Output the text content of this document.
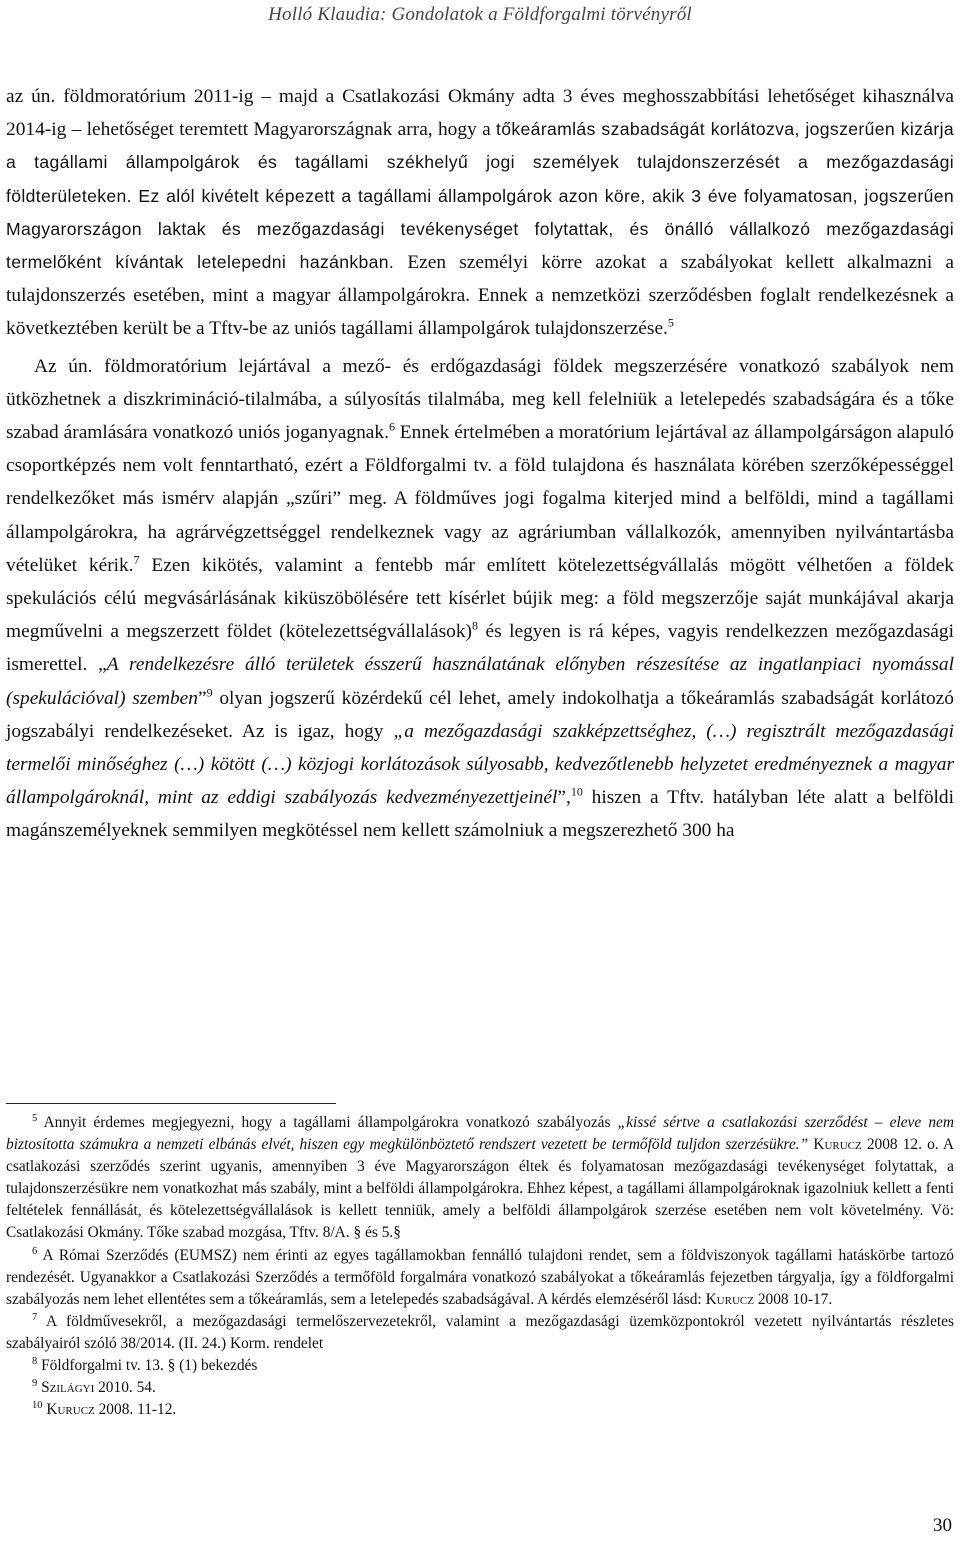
Holló Klaudia: Gondolatok a Földforgalmi törvényről

az ún. földmoratórium 2011-ig – majd a Csatlakozási Okmány adta 3 éves meghosszabbítási lehetőséget kihasználva 2014-ig – lehetőséget teremtett Magyarországnak arra, hogy a tőkeáramlás szabadságát korlátozva, jogszerűen kizárja a tagállami állampolgárok és tagállami székhelyű jogi személyek tulajdonszerzését a mezőgazdasági földterületeken. Ez alól kivételt képezett a tagállami állampolgárok azon köre, akik 3 éve folyamatosan, jogszerűen Magyarországon laktak és mezőgazdasági tevékenységet folytattak, és önálló vállalkozó mezőgazdasági termelőként kívántak letelepedni hazánkban. Ezen személyi körre azokat a szabályokat kellett alkalmazni a tulajdonszerzés esetében, mint a magyar állampolgárokra. Ennek a nemzetközi szerződésben foglalt rendelkezésnek a következtében került be a Tftv-be az uniós tagállami állampolgárok tulajdonszerzése.$^5$

Az ún. földmoratórium lejártával a mező- és erdőgazdasági földek megszerzésére vonatkozó szabályok nem ütközhetnek a diszkrimináció-tilalmába, a súlyosítás tilalmába, meg kell felelniük a letelepedés szabadságára és a tőke szabad áramlására vonatkozó uniós joganyagnak.$^6$ Ennek értelmében a moratórium lejártával az állampolgárságon alapuló csoportképzés nem volt fenntartható, ezért a Földforgalmi tv. a föld tulajdona és használata körében szerzőképességgel rendelkezőket más ismérv alapján „szűri” meg. A földműves jogi fogalma kiterjed mind a belföldi, mind a tagállami állampolgárokra, ha agrárvégzettséggel rendelkeznek vagy az agráriumban vállalkozók, amennyiben nyilvántartásba vételüket kérik.$^7$ Ezen kikötés, valamint a fentebb már említett kötelezettségvállalás mögött vélhetően a földek spekulációs célú megvásárlásának kiküszöbölésére tett kísérlet bújik meg: a föld megszerzője saját munkájával akarja megművelni a megszerzett földet (kötelezettségvállalások)$^8$ és legyen is rá képes, vagyis rendelkezzen mezőgazdasági ismerettel. „A rendelkezésre álló területek ésszerű használatának előnyben részesítése az ingatlanpiaci nyomással (spekulációval) szemben”$^9$ olyan jogszerű közérdekű cél lehet, amely indokolhatja a tőkeáramlás szabadságát korlátozó jogszabályi rendelkezéseket. Az is igaz, hogy „a mezőgazdasági szakképzettséghez, (…) regisztrált mezőgazdasági termelői minőséghez (…) kötött (…) közjogi korlátozások súlyosabb, kedvezőtlenebb helyzetet eredményeznek a magyar állampolgároknál, mint az eddigi szabályozás kedvezményezettjeinél”,$^{10}$ hiszen a Tftv. hatályban léte alatt a belföldi magánszemélyeknek semmilyen megkötéssel nem kellett számolniuk a megszerezhető 300 ha

$^5$ Annyit érdemes megjegyezni, hogy a tagállami állampolgárokra vonatkozó szabályozás „kissé sértve a csatlakozási szerződést – eleve nem biztosította számukra a nemzeti elbánás elvét, hiszen egy megkülönböztető rendszert vezetett be termőföld tuljdon szerzésükre.” Kurucz 2008 12. o. A csatlakozási szerződés szerint ugyanis, amennyiben 3 éve Magyarországon éltek és folyamatosan mezőgazdasági tevékenységet folytattak, a tulajdonszerzésükre nem vonatkozhat más szabály, mint a belföldi állampolgárokra. Ehhez képest, a tagállami állampolgároknak igazolniuk kellett a fenti feltételek fennállását, és kötelezettségvállalások is kellett tenniük, amely a belföldi állampolgárok szerzése esetében nem volt követelmény. Vö: Csatlakozási Okmány. Tőke szabad mozgása, Tftv. 8/A. § és 5.§

$^6$ A Római Szerződés (EUMSZ) nem érinti az egyes tagállamokban fennálló tulajdoni rendet, sem a földviszonyok tagállami hatáskörbe tartozó rendezését. Ugyanakkor a Csatlakozási Szerződés a termőföld forgalmára vonatkozó szabályokat a tőkeáramlás fejezetben tárgyalja, így a földforgalmi szabályozás nem lehet ellentétes sem a tőkeáramlás, sem a letelepedés szabadságával. A kérdés elemzéséről lásd: Kurucz 2008 10-17.

$^7$ A földművesekről, a mezőgazdasági termelőszervezetekről, valamint a mezőgazdasági üzemközpontokról vezetett nyilvántartás részletes szabályairól szóló 38/2014. (II. 24.) Korm. rendelet

$^8$ Földforgalmi tv. 13. § (1) bekezdés

$^9$ Szilágyi 2010. 54.

$^{10}$ Kurucz 2008. 11-12.

30
